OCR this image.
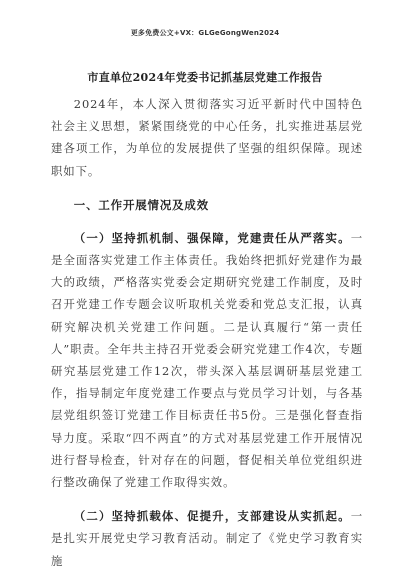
更多免费公文+VX：GLGeGongWen2024
市直单位2024年党委书记抓基层党建工作报告

2024年，本人深入贯彻落实习近平新时代中国特色社会主义思想，紧紧围绕党的中心任务，扎实推进基层党建各项工作，为单位的发展提供了坚强的组织保障。现述职如下。

一、工作开展情况及成效

（一）坚持抓机制、强保障，党建责任从严落实。一是全面落实党建工作主体责任。我始终把抓好党建作为最大的政绩，严格落实党委会定期研究党建工作制度，及时召开党建工作专题会议听取机关党委和党总支汇报，认真研究解决机关党建工作问题。二是认真履行“第一责任人”职责。全年共主持召开党委会研究党建工作4次，专题研究基层党建工作12次，带头深入基层调研基层党建工作，指导制定年度党建工作要点与党员学习计划，与各基层党组织签订党建工作目标责任书5份。三是强化督查指导力度。采取“四不两直”的方式对基层党建工作开展情况进行督导检查，针对存在的问题，督促相关单位党组织进行整改确保了党建工作取得实效。

（二）坚持抓载体、促提升，支部建设从实抓起。一是扎实开展党史学习教育活动。制定了《党史学习教育实施
